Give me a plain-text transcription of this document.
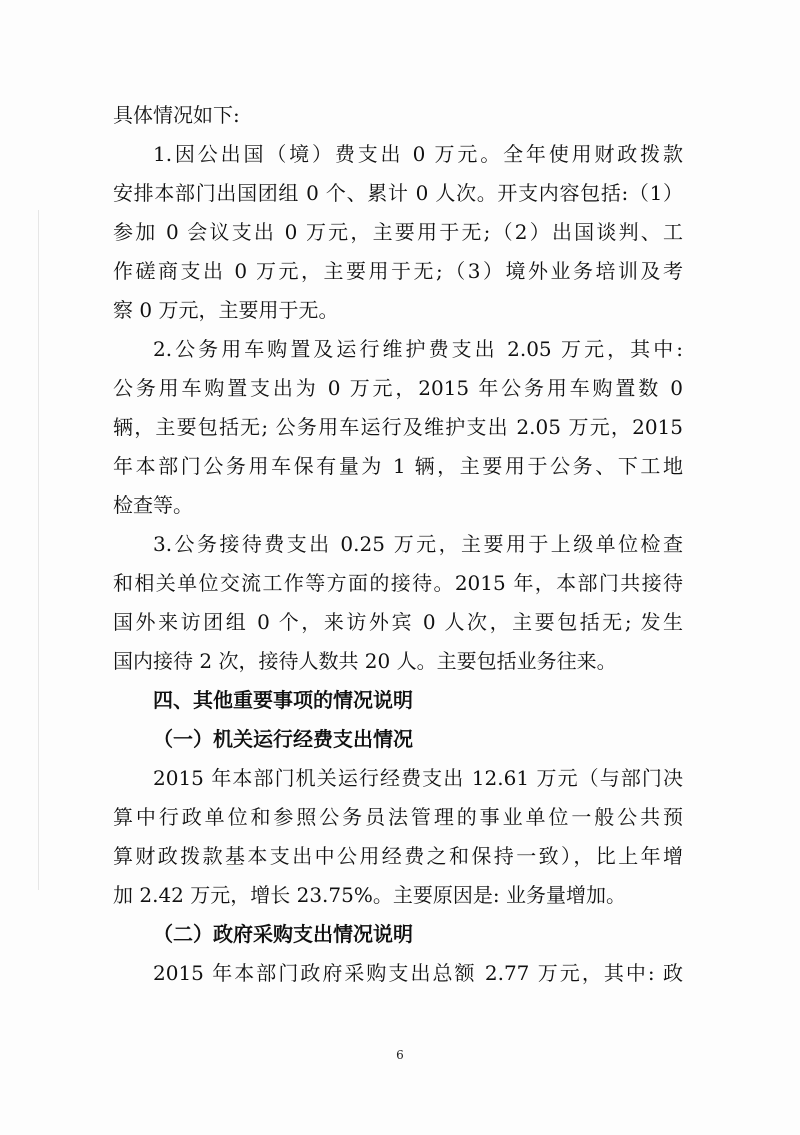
具体情况如下:
1.因公出国（境）费支出 0 万元。全年使用财政拨款
安排本部门出国团组 0 个、累计 0 人次。开支内容包括:（1）
参加 0 会议支出 0 万元，主要用于无;（2）出国谈判、工
作磋商支出 0 万元，主要用于无;（3）境外业务培训及考
察 0 万元，主要用于无。
2.公务用车购置及运行维护费支出 2.05 万元，其中:
公务用车购置支出为 0 万元，2015 年公务用车购置数 0
辆，主要包括无; 公务用车运行及维护支出 2.05 万元，2015
年本部门公务用车保有量为 1 辆，主要用于公务、下工地
检查等。
3.公务接待费支出 0.25 万元，主要用于上级单位检查
和相关单位交流工作等方面的接待。2015 年，本部门共接待
国外来访团组 0 个，来访外宾 0 人次，主要包括无; 发生
国内接待 2 次，接待人数共 20 人。主要包括业务往来。
四、其他重要事项的情况说明
（一）机关运行经费支出情况
2015 年本部门机关运行经费支出 12.61 万元（与部门决
算中行政单位和参照公务员法管理的事业单位一般公共预
算财政拨款基本支出中公用经费之和保持一致），比上年增
加 2.42 万元，增长 23.75%。主要原因是: 业务量增加。
（二）政府采购支出情况说明
2015 年本部门政府采购支出总额 2.77 万元，其中: 政
6
